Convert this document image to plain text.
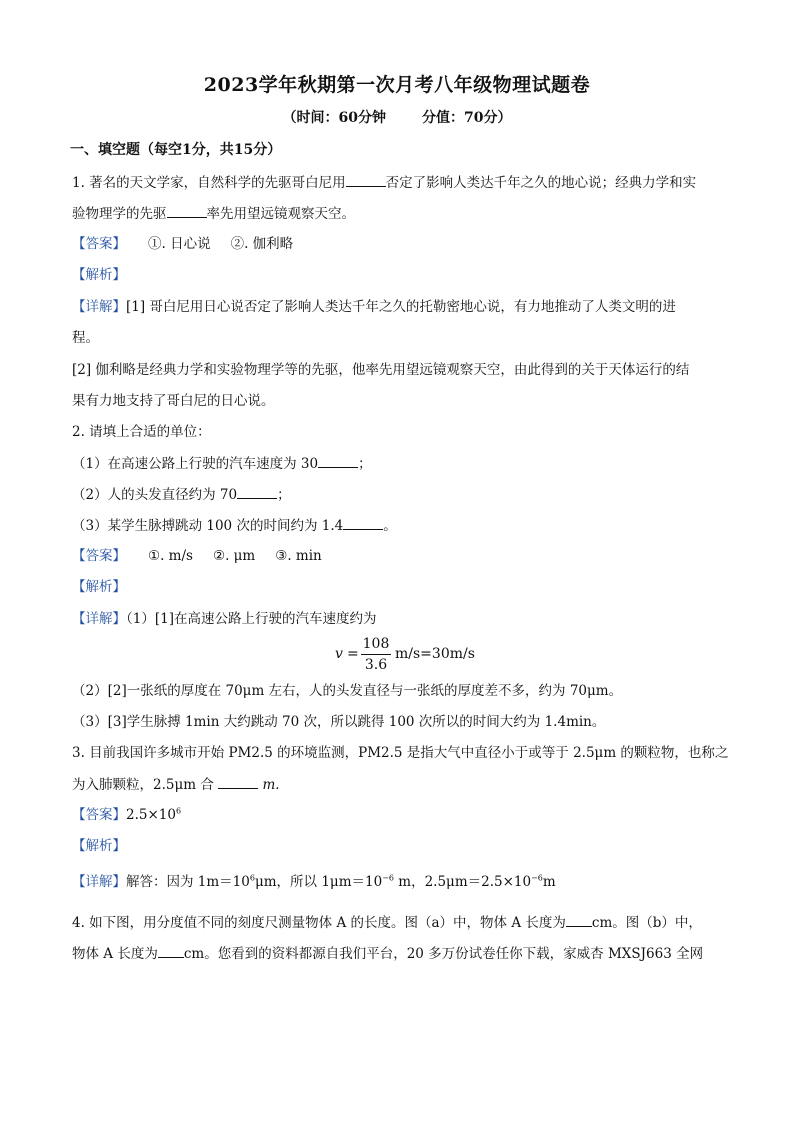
2023学年秋期第一次月考八年级物理试题卷
（时间：60分钟	分值：70分）
一、填空题（每空1分，共15分）
1. 著名的天文学家，自然科学的先驱哥白尼用	否定了影响人类达千年之久的地心说；经典力学和实
验物理学的先驱	率先用望远镜观察天空。
【答案】 ①. 日心说 ②. 伽利略
【解析】
【详解】[1] 哥白尼用日心说否定了影响人类达千年之久的托勒密地心说，有力地推动了人类文明的进
程。
[2] 伽利略是经典力学和实验物理学等的先驱，他率先用望远镜观察天空，由此得到的关于天体运行的结
果有力地支持了哥白尼的日心说。
2. 请填上合适的单位：
（1）在高速公路上行驶的汽车速度为 30	；
（2）人的头发直径约为 70	；
（3）某学生脉搏跳动 100 次的时间约为 1.4	。
【答案】 ①. m/s ②. μm ③. min
【解析】
【详解】（1）[1]在高速公路上行驶的汽车速度约为
v =
108
3.6
m/s=30m/s
（2）[2]一张纸的厚度在 70μm 左右，人的头发直径与一张纸的厚度差不多，约为 70μm。
（3）[3]学生脉搏 1min 大约跳动 70 次，所以跳得 100 次所以的时间大约为 1.4min。
3. 目前我国许多城市开始 PM2.5 的环境监测，PM2.5 是指大气中直径小于或等于 2.5μm 的颗粒物，也称之
为入肺颗粒，2.5μm 合	m.
【答案】$2.5\times 10^6$
【解析】
【详解】解答：因为 $1m=10^6\mu m$，所以 $1\mu m=10^{-6}$ m，$2.5\mu m=2.5\times 10^{-6}m$
4. 如下图，用分度值不同的刻度尺测量物体 A 的长度。图（a）中，物体 A 长度为 cm。图（b）中，
物体 A 长度为 cm。您看到的资料都源自我们平台，20 多万份试卷任你下载，家威杏 MXSJ663 全网
